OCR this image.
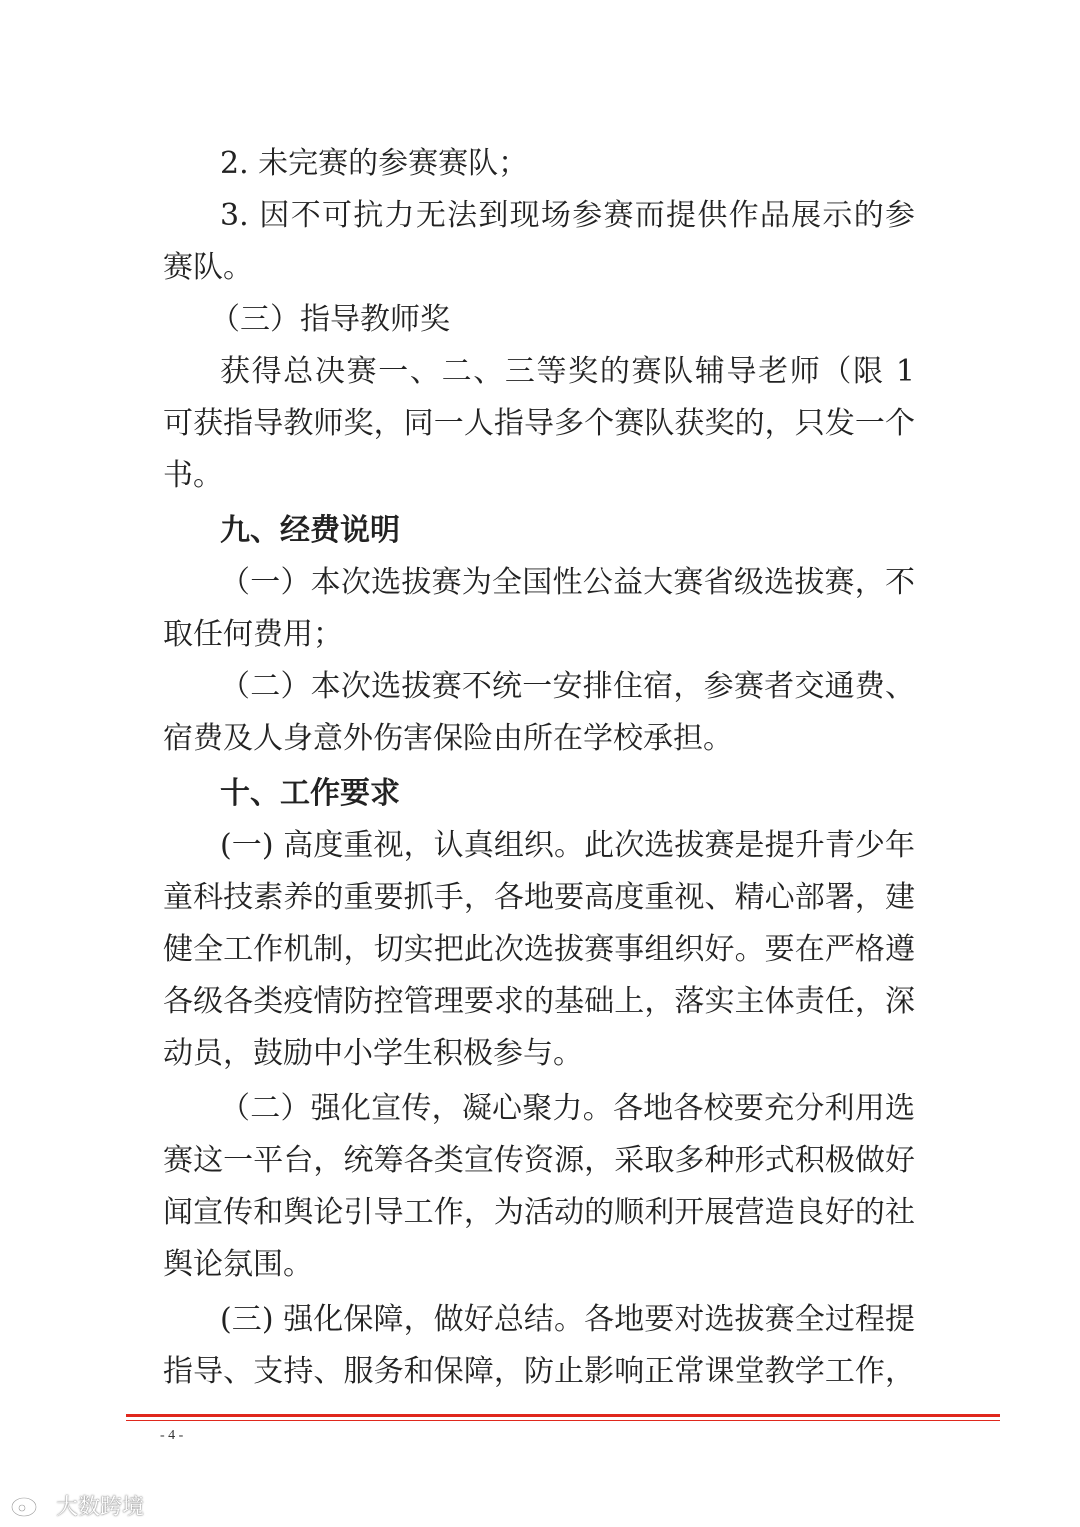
2. 未完赛的参赛赛队；
3. 因不可抗力无法到现场参赛而提供作品展示的参
赛队。
（三）指导教师奖
获得总决赛一、二、三等奖的赛队辅导老师（限 1
可获指导教师奖，同一人指导多个赛队获奖的，只发一个
书。
九、经费说明
（一）本次选拔赛为全国性公益大赛省级选拔赛，不
取任何费用；
（二）本次选拔赛不统一安排住宿，参赛者交通费、
宿费及人身意外伤害保险由所在学校承担。
十、工作要求
(一) 高度重视，认真组织。此次选拔赛是提升青少年
童科技素养的重要抓手，各地要高度重视、精心部署，建
健全工作机制，切实把此次选拔赛事组织好。要在严格遵
各级各类疫情防控管理要求的基础上，落实主体责任，深
动员，鼓励中小学生积极参与。
（二）强化宣传，凝心聚力。各地各校要充分利用选
赛这一平台，统筹各类宣传资源，采取多种形式积极做好
闻宣传和舆论引导工作，为活动的顺利开展营造良好的社
舆论氛围。
(三) 强化保障，做好总结。各地要对选拔赛全过程提
指导、支持、服务和保障，防止影响正常课堂教学工作，
- 4 -
大数跨境
